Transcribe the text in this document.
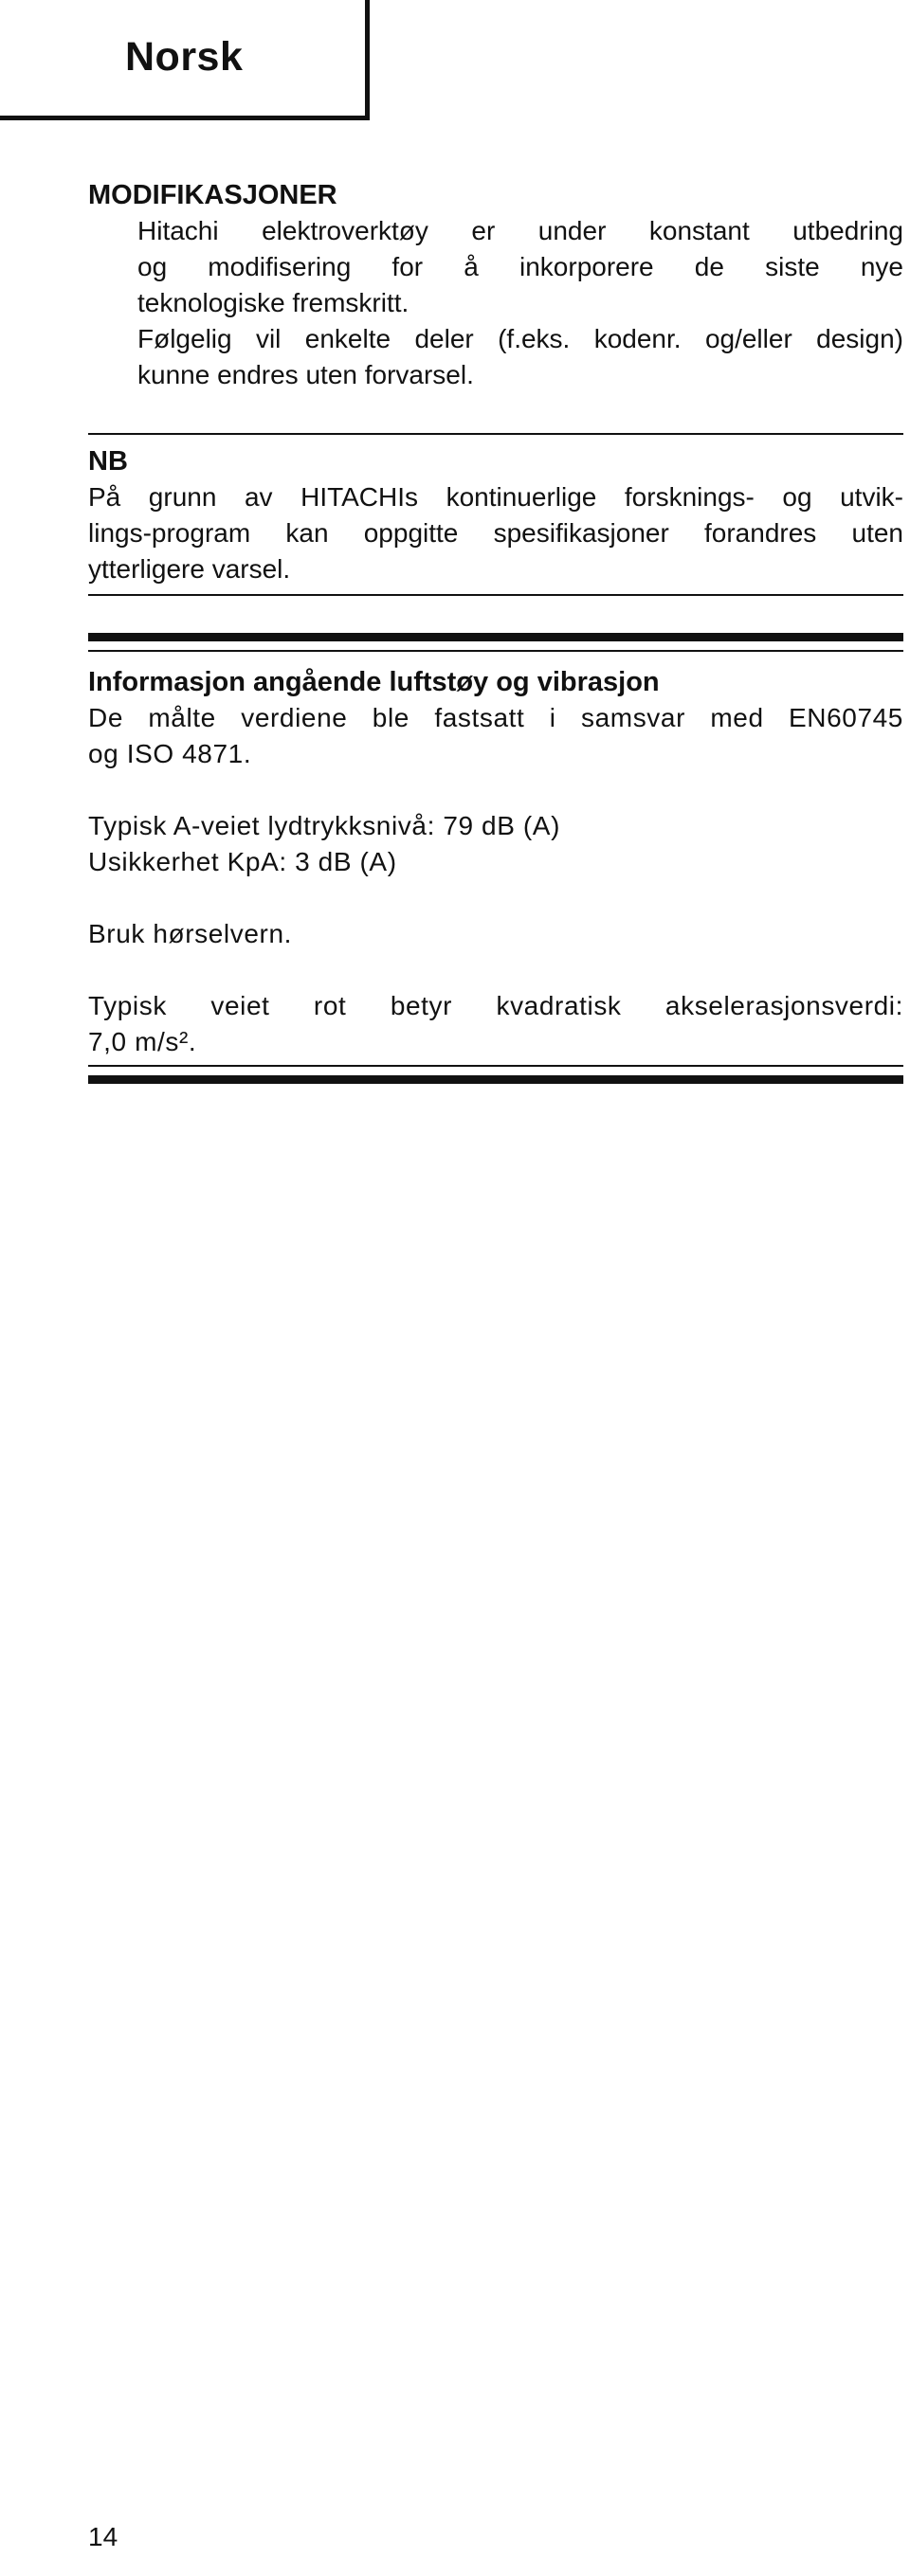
Norsk
MODIFIKASJONER
Hitachi elektroverktøy er under konstant utbedring
og modifisering for å inkorporere de siste nye
teknologiske fremskritt.
Følgelig vil enkelte deler (f.eks. kodenr. og/eller design)
kunne endres uten forvarsel.
NB
På grunn av HITACHIs kontinuerlige forsknings- og utvik-
lings-program kan oppgitte spesifikasjoner forandres uten
ytterligere varsel.
Informasjon angående luftstøy og vibrasjon
De målte verdiene ble fastsatt i samsvar med EN60745
og ISO 4871.
Typisk A-veiet lydtrykksnivå: 79 dB (A)
Usikkerhet KpA: 3 dB (A)
Bruk hørselvern.
Typisk veiet rot betyr kvadratisk akselerasjonsverdi:
7,0 m/s².
14
